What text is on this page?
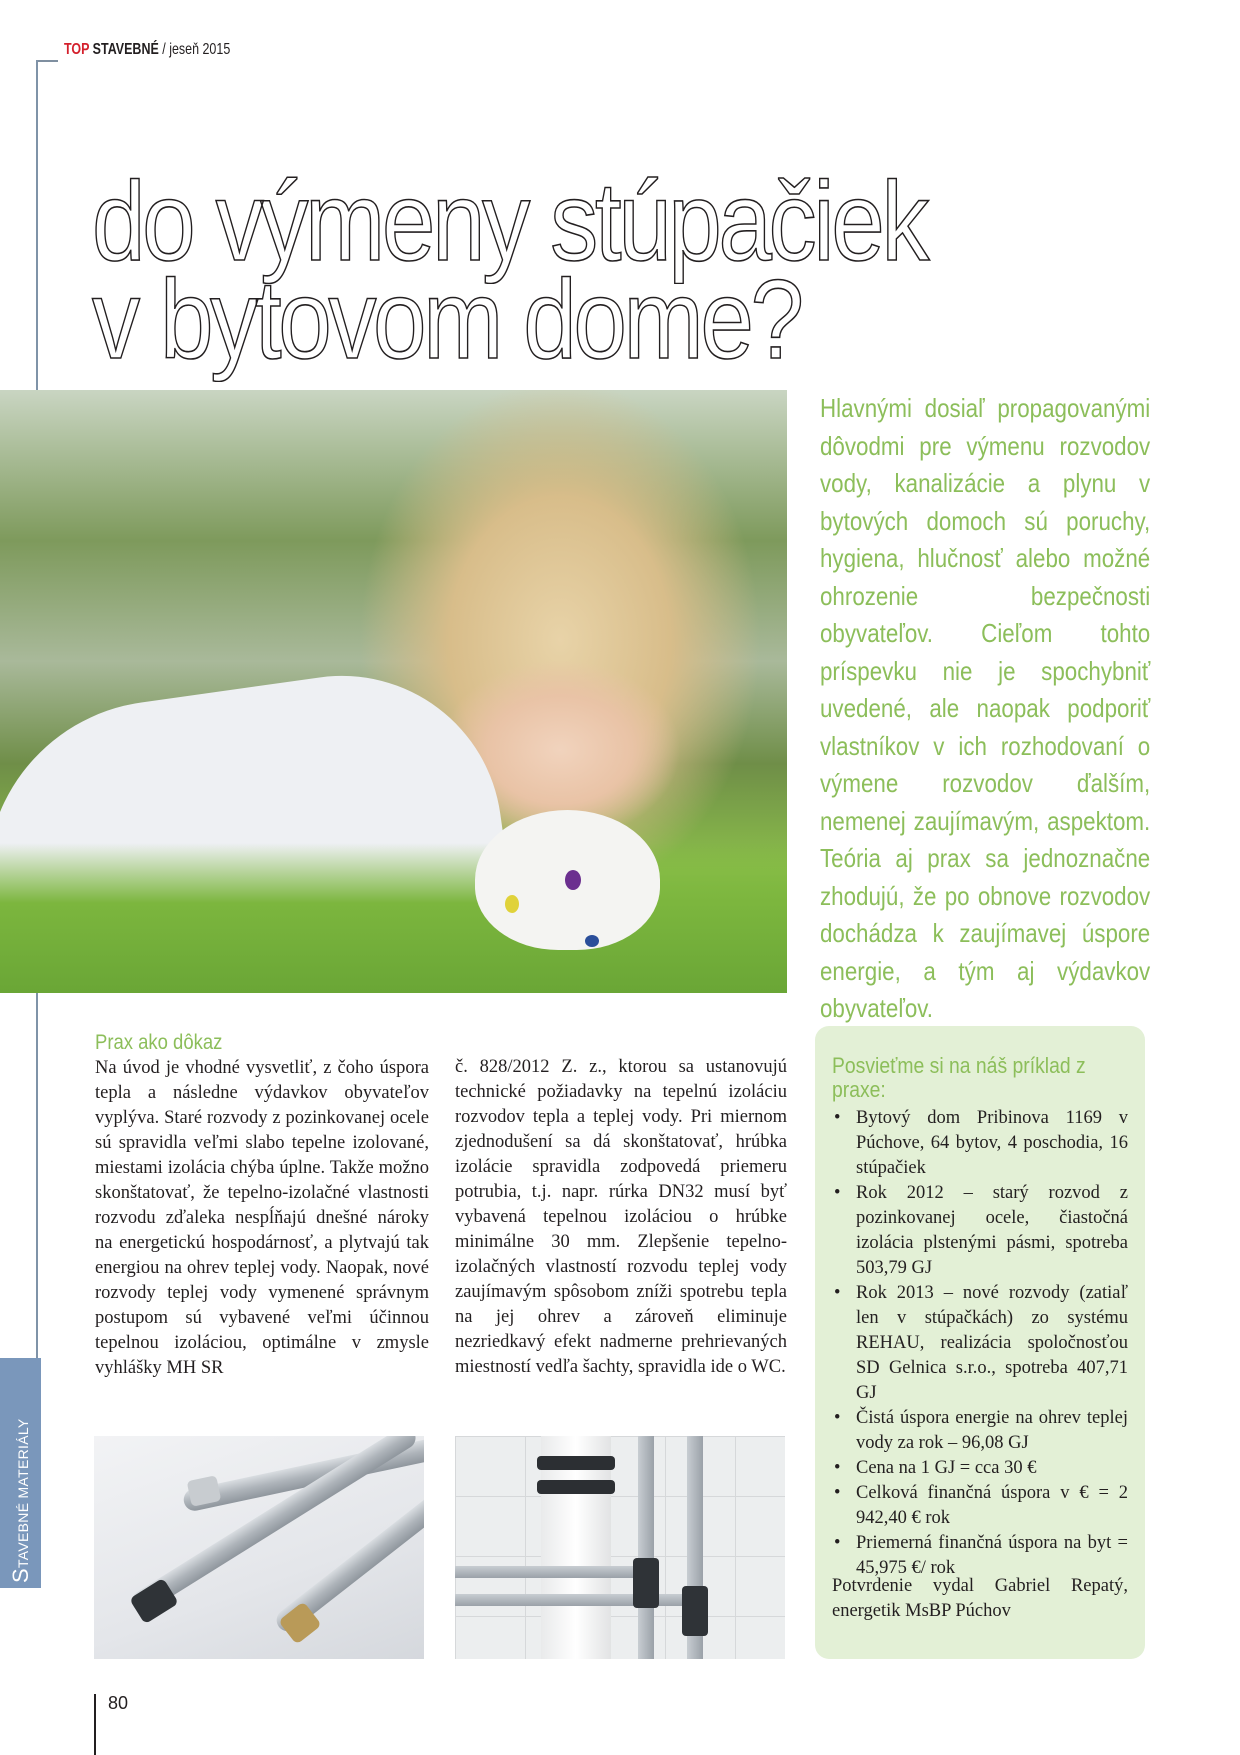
TOP STAVEBNÉ / jeseň 2015
do výmeny stúpačiek
v bytovom dome?

Hlavnými dosiaľ propagovanými dôvodmi pre výmenu rozvodov vody, kanalizácie a plynu v bytových domoch sú poruchy, hygiena, hlučnosť alebo možné ohrozenie bezpečnosti obyvateľov. Cieľom tohto príspevku nie je spochybniť uvedené, ale naopak podporiť vlastníkov v ich rozhodovaní o výmene rozvodov ďalším, nemenej zaujímavým, aspektom. Teória aj prax sa jednoznačne zhodujú, že po obnove rozvodov dochádza k zaujímavej úspore energie, a tým aj výdavkov obyvateľov.

Prax ako dôkaz
Na úvod je vhodné vysvetliť, z čoho úspora tepla a následne výdavkov obyvateľov vyplýva. Staré rozvody z pozinkovanej ocele sú spravidla veľmi slabo tepelne izolované, miestami izolácia chýba úplne. Takže možno skonštatovať, že tepelno-izolačné vlastnosti rozvodu zďaleka nespĺňajú dnešné nároky na energetickú hospodárnosť, a plytvajú tak energiou na ohrev teplej vody. Naopak, nové rozvody teplej vody vymenené správnym postupom sú vybavené veľmi účinnou tepelnou izoláciou, optimálne v zmysle vyhlášky MH SR
č. 828/2012 Z. z., ktorou sa ustanovujú technické požiadavky na tepelnú izoláciu rozvodov tepla a teplej vody. Pri miernom zjednodušení sa dá skonštatovať, hrúbka izolácie spravidla zodpovedá priemeru potrubia, t.j. napr. rúrka DN32 musí byť vybavená tepelnou izoláciou o hrúbke minimálne 30 mm. Zlepšenie tepelno-izolačných vlastností rozvodu teplej vody zaujímavým spôsobom zníži spotrebu tepla na jej ohrev a zároveň eliminuje nezriedkavý efekt nadmerne prehrievaných miestností vedľa šachty, spravidla ide o WC.
Posvieťme si na náš príklad z praxe:
• Bytový dom Pribinova 1169 v Púchove, 64 bytov, 4 poschodia, 16 stúpačiek
• Rok 2012 – starý rozvod z pozinkovanej ocele, čiastočná izolácia plstenými pásmi, spotreba 503,79 GJ
• Rok 2013 – nové rozvody (zatiaľ len v stúpačkách) zo systému REHAU, realizácia spoločnosťou SD Gelnica s.r.o., spotreba 407,71 GJ
• Čistá úspora energie na ohrev teplej vody za rok – 96,08 GJ
• Cena na 1 GJ = cca 30 €
• Celková finančná úspora v € = 2 942,40 € rok
• Priemerná finančná úspora na byt = 45,975 €/ rok
Potvrdenie vydal Gabriel Repatý, energetik MsBP Púchov
STAVEBNÉ MATERIÁLY
80
